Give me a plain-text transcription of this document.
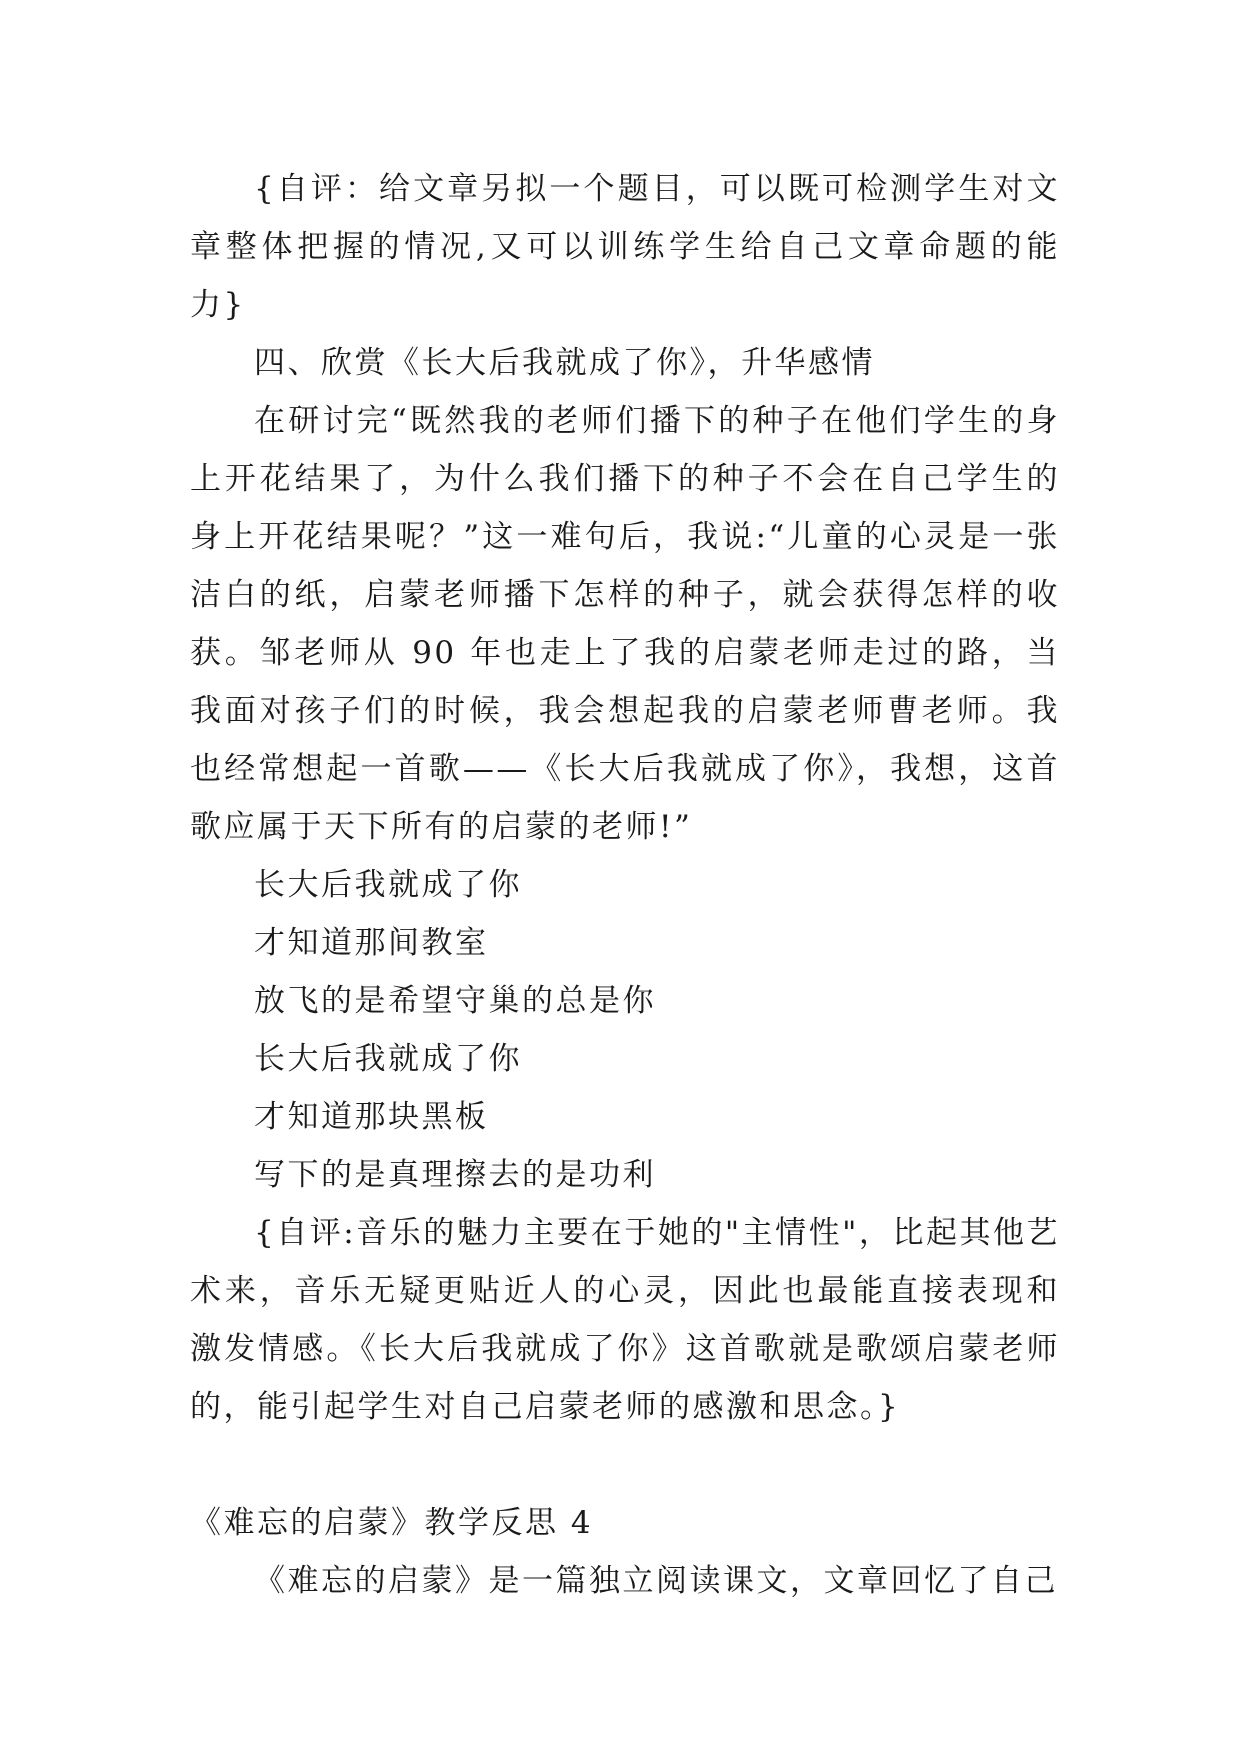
{自评：给文章另拟一个题目，可以既可检测学生对文章整体把握的情况,又可以训练学生给自己文章命题的能力}

四、欣赏《长大后我就成了你》，升华感情

在研讨完“既然我的老师们播下的种子在他们学生的身上开花结果了，为什么我们播下的种子不会在自己学生的身上开花结果呢？”这一难句后，我说:“儿童的心灵是一张洁白的纸，启蒙老师播下怎样的种子，就会获得怎样的收获。邹老师从 90 年也走上了我的启蒙老师走过的路，当我面对孩子们的时候，我会想起我的启蒙老师曹老师。我也经常想起一首歌——《长大后我就成了你》，我想，这首歌应属于天下所有的启蒙的老师!”

长大后我就成了你

才知道那间教室

放飞的是希望守巢的总是你

长大后我就成了你

才知道那块黑板

写下的是真理擦去的是功利

{自评:音乐的魅力主要在于她的"主情性"，比起其他艺术来，音乐无疑更贴近人的心灵，因此也最能直接表现和激发情感。《长大后我就成了你》这首歌就是歌颂启蒙老师的，能引起学生对自己启蒙老师的感激和思念。}

《难忘的启蒙》教学反思 4

《难忘的启蒙》是一篇独立阅读课文，文章回忆了自己
